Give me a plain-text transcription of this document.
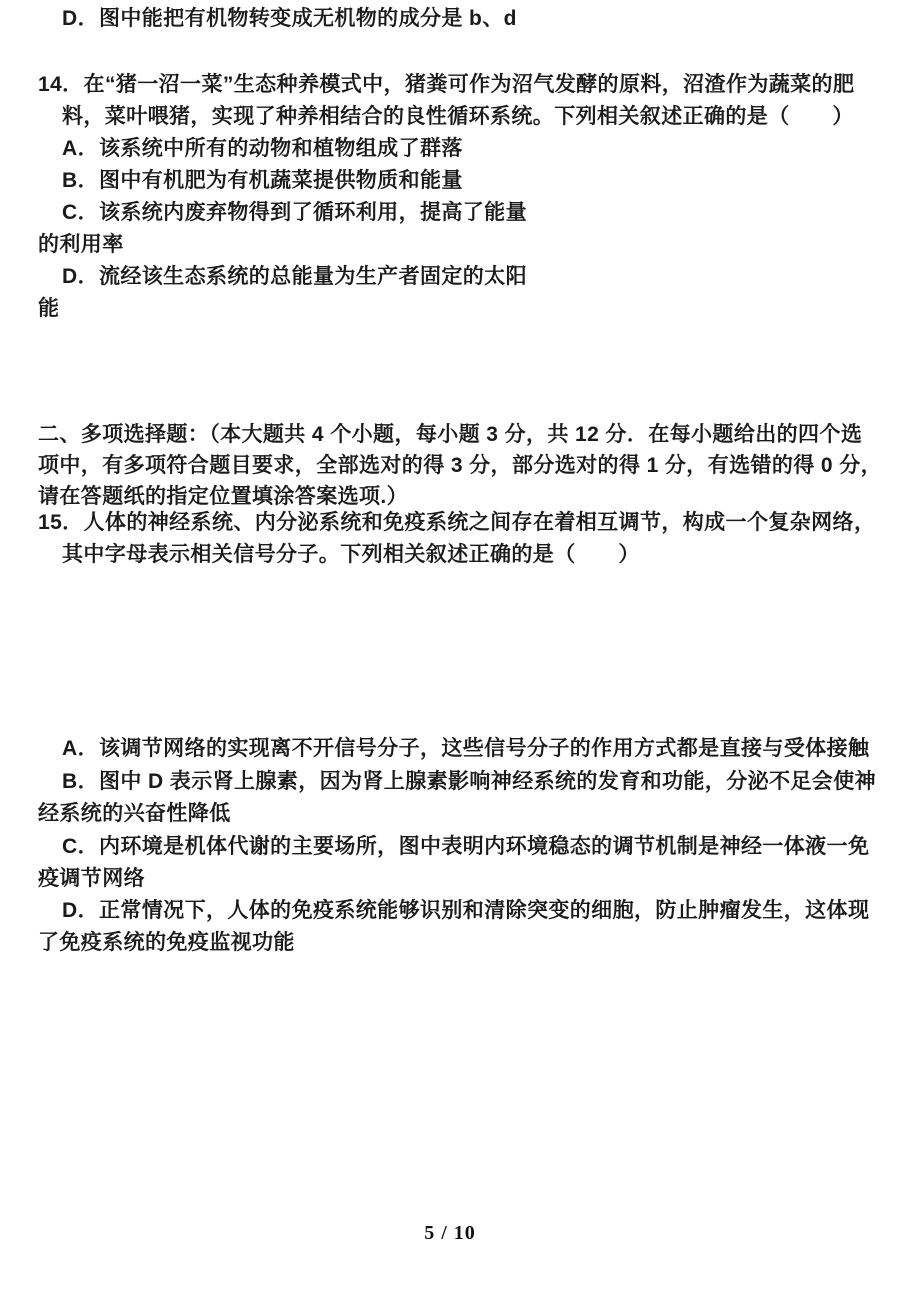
D．图中能把有机物转变成无机物的成分是 b、d
14．在“猪一沼一菜”生态种养模式中，猪粪可作为沼气发酵的原料，沼渣作为蔬菜的肥
料，菜叶喂猪，实现了种养相结合的良性循环系统。下列相关叙述正确的是（　　）
A．该系统中所有的动物和植物组成了群落
B．图中有机肥为有机蔬菜提供物质和能量
C．该系统内废弃物得到了循环利用，提高了能量
的利用率
D．流经该生态系统的总能量为生产者固定的太阳
能
二、多项选择题：（本大题共 4 个小题，每小题 3 分，共 12 分．在每小题给出的四个选
项中，有多项符合题目要求，全部选对的得 3 分，部分选对的得 1 分，有选错的得 0 分，
请在答题纸的指定位置填涂答案选项.）
15．人体的神经系统、内分泌系统和免疫系统之间存在着相互调节，构成一个复杂网络，
其中字母表示相关信号分子。下列相关叙述正确的是（　　）
A．该调节网络的实现离不开信号分子，这些信号分子的作用方式都是直接与受体接触
B．图中 D 表示肾上腺素，因为肾上腺素影响神经系统的发育和功能，分泌不足会使神
经系统的兴奋性降低
C．内环境是机体代谢的主要场所，图中表明内环境稳态的调节机制是神经一体液一免
疫调节网络
D．正常情况下，人体的免疫系统能够识别和清除突变的细胞，防止肿瘤发生，这体现
了免疫系统的免疫监视功能
5 / 10
